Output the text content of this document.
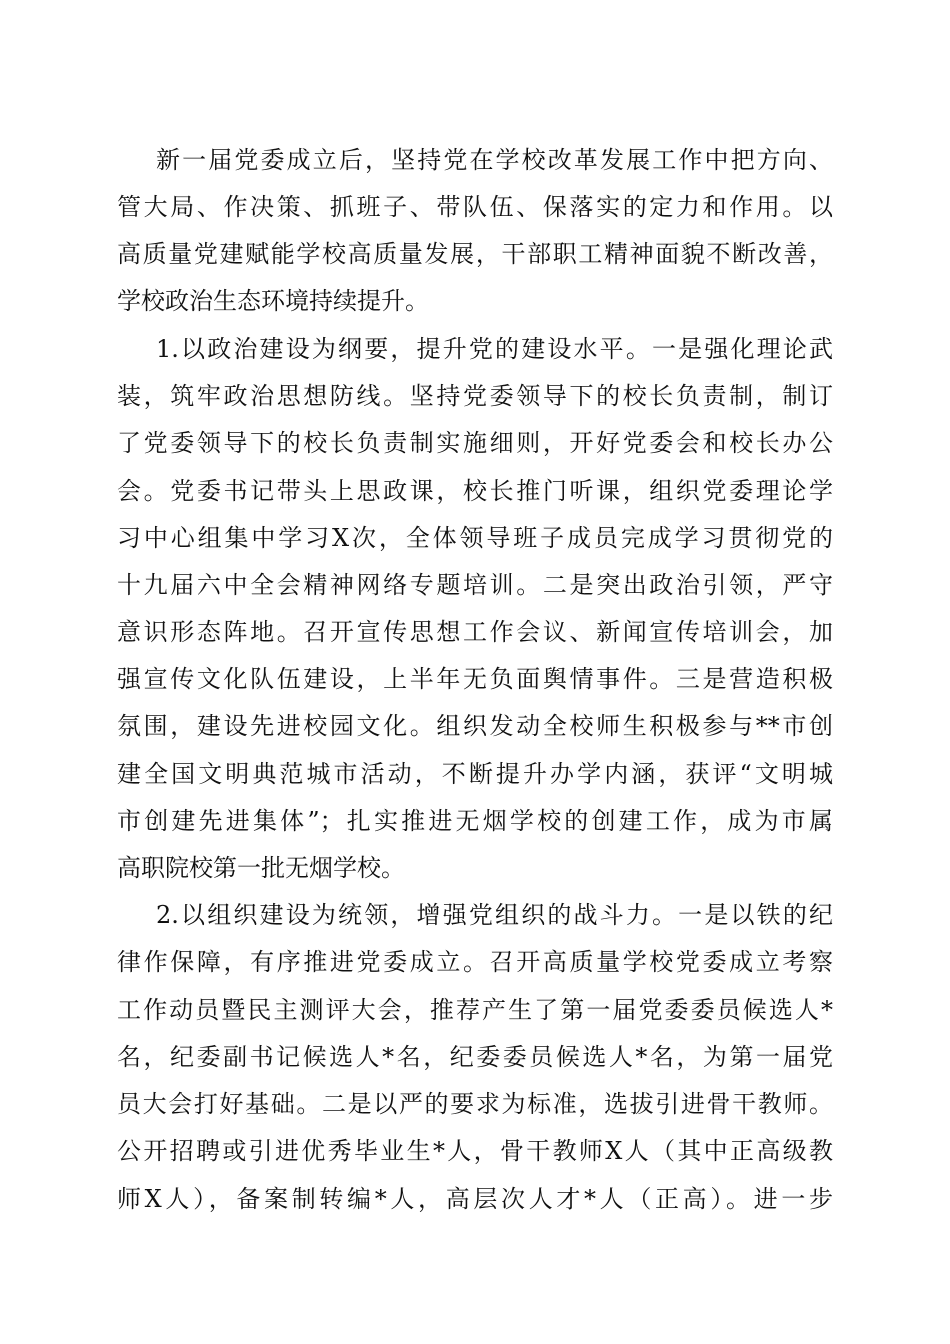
新一届党委成立后，坚持党在学校改革发展工作中把方向、
管大局、作决策、抓班子、带队伍、保落实的定力和作用。以
高质量党建赋能学校高质量发展，干部职工精神面貌不断改善，
学校政治生态环境持续提升。
1.以政治建设为纲要，提升党的建设水平。一是强化理论武
装，筑牢政治思想防线。坚持党委领导下的校长负责制，制订
了党委领导下的校长负责制实施细则，开好党委会和校长办公
会。党委书记带头上思政课，校长推门听课，组织党委理论学
习中心组集中学习X次，全体领导班子成员完成学习贯彻党的
十九届六中全会精神网络专题培训。二是突出政治引领，严守
意识形态阵地。召开宣传思想工作会议、新闻宣传培训会，加
强宣传文化队伍建设，上半年无负面舆情事件。三是营造积极
氛围，建设先进校园文化。组织发动全校师生积极参与**市创
建全国文明典范城市活动，不断提升办学内涵，获评“文明城
市创建先进集体”；扎实推进无烟学校的创建工作，成为市属
高职院校第一批无烟学校。
2.以组织建设为统领，增强党组织的战斗力。一是以铁的纪
律作保障，有序推进党委成立。召开高质量学校党委成立考察
工作动员暨民主测评大会，推荐产生了第一届党委委员候选人*
名，纪委副书记候选人*名，纪委委员候选人*名，为第一届党
员大会打好基础。二是以严的要求为标准，选拔引进骨干教师。
公开招聘或引进优秀毕业生*人，骨干教师X人（其中正高级教
师X人），备案制转编*人，高层次人才*人（正高）。进一步
